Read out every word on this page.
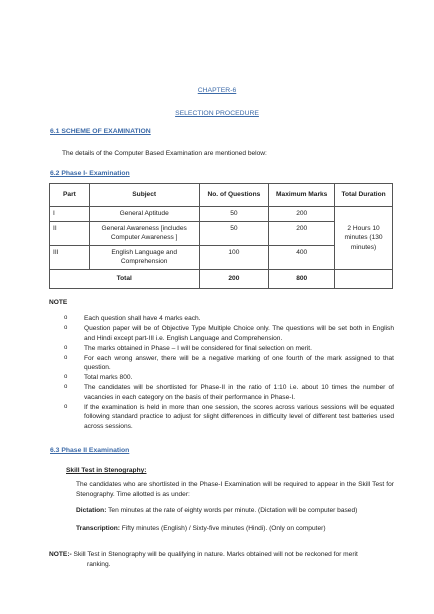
CHAPTER-6
SELECTION PROCEDURE
6.1 SCHEME OF EXAMINATION
The details of the Computer Based Examination are mentioned below:
6.2 Phase I- Examination
Part	Subject	No. of Questions	Maximum Marks	Total Duration
I	General Aptitude	50	200	2 Hours 10 minutes (130 minutes)
II	General Awareness [includes Computer Awareness ]	50	200	
III	English Language and Comprehension	100	400	
Total		200	800	
NOTE
o	Each question shall have 4 marks each.
o	Question paper will be of Objective Type Multiple Choice only. The questions will be set both in English and Hindi except part-III i.e. English Language and Comprehension.
o	The marks obtained in Phase – I will be considered for final selection on merit.
o	For each wrong answer, there will be a negative marking of one fourth of the mark assigned to that question.
o	Total marks 800.
o	The candidates will be shortlisted for Phase-II in the ratio of 1:10 i.e. about 10 times the number of vacancies in each category on the basis of their performance in Phase-I.
o	If the examination is held in more than one session, the scores across various sessions will be equated following standard practice to adjust for slight differences in difficulty level of different test batteries used across sessions.
6.3 Phase II Examination
Skill Test in Stenography:
The candidates who are shortlisted in the Phase-I Examination will be required to appear in the Skill Test for Stenography. Time allotted is as under:
Dictation: Ten minutes at the rate of eighty words per minute. (Dictation will be computer based)
Transcription: Fifty minutes (English) / Sixty-five minutes (Hindi). (Only on computer)
NOTE:- Skill Test in Stenography will be qualifying in nature. Marks obtained will not be reckoned for merit
ranking.
